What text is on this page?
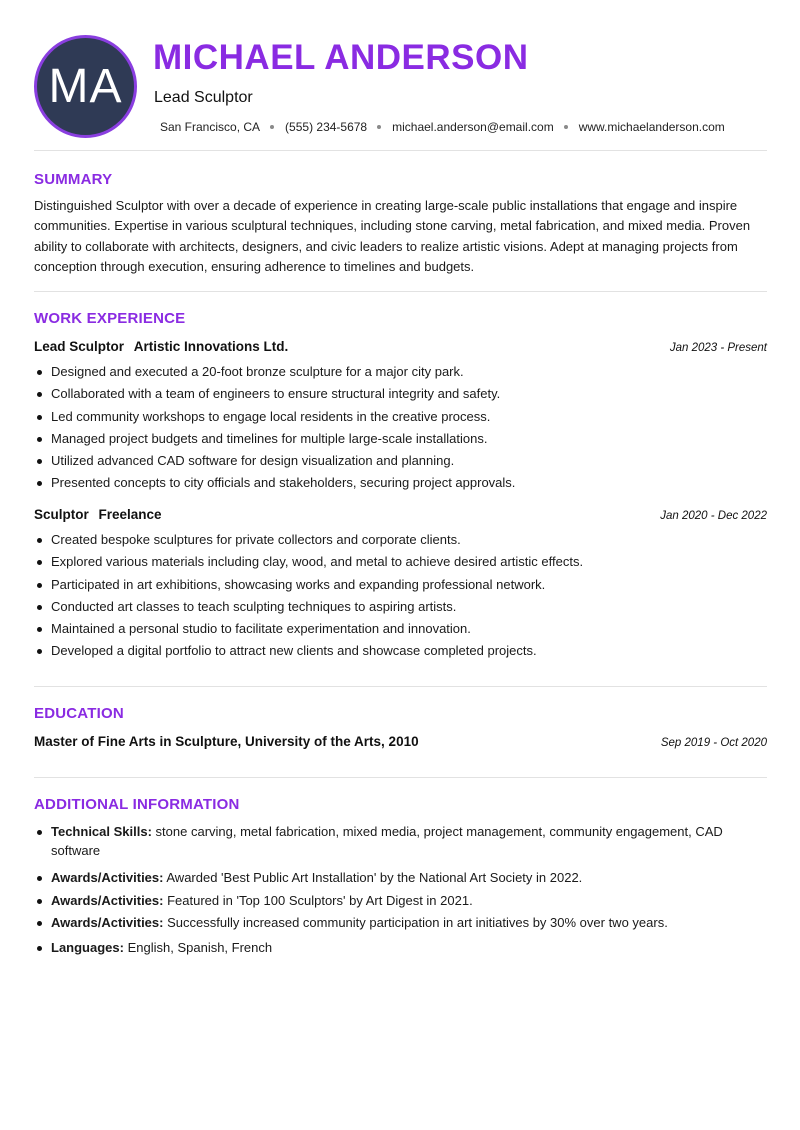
MA
MICHAEL ANDERSON
Lead Sculptor
San Francisco, CA (555) 234-5678 michael.anderson@email.com www.michaelanderson.com
SUMMARY
Distinguished Sculptor with over a decade of experience in creating large-scale public installations that engage and inspire communities. Expertise in various sculptural techniques, including stone carving, metal fabrication, and mixed media. Proven ability to collaborate with architects, designers, and civic leaders to realize artistic visions. Adept at managing projects from conception through execution, ensuring adherence to timelines and budgets.
WORK EXPERIENCE
Lead Sculptor Artistic Innovations Ltd.	Jan 2023 - Present
Designed and executed a 20-foot bronze sculpture for a major city park.
Collaborated with a team of engineers to ensure structural integrity and safety.
Led community workshops to engage local residents in the creative process.
Managed project budgets and timelines for multiple large-scale installations.
Utilized advanced CAD software for design visualization and planning.
Presented concepts to city officials and stakeholders, securing project approvals.
Sculptor Freelance	Jan 2020 - Dec 2022
Created bespoke sculptures for private collectors and corporate clients.
Explored various materials including clay, wood, and metal to achieve desired artistic effects.
Participated in art exhibitions, showcasing works and expanding professional network.
Conducted art classes to teach sculpting techniques to aspiring artists.
Maintained a personal studio to facilitate experimentation and innovation.
Developed a digital portfolio to attract new clients and showcase completed projects.
EDUCATION
Master of Fine Arts in Sculpture, University of the Arts, 2010	Sep 2019 - Oct 2020
ADDITIONAL INFORMATION
Technical Skills: stone carving, metal fabrication, mixed media, project management, community engagement, CAD software
Awards/Activities: Awarded 'Best Public Art Installation' by the National Art Society in 2022.
Awards/Activities: Featured in 'Top 100 Sculptors' by Art Digest in 2021.
Awards/Activities: Successfully increased community participation in art initiatives by 30% over two years.
Languages: English, Spanish, French
